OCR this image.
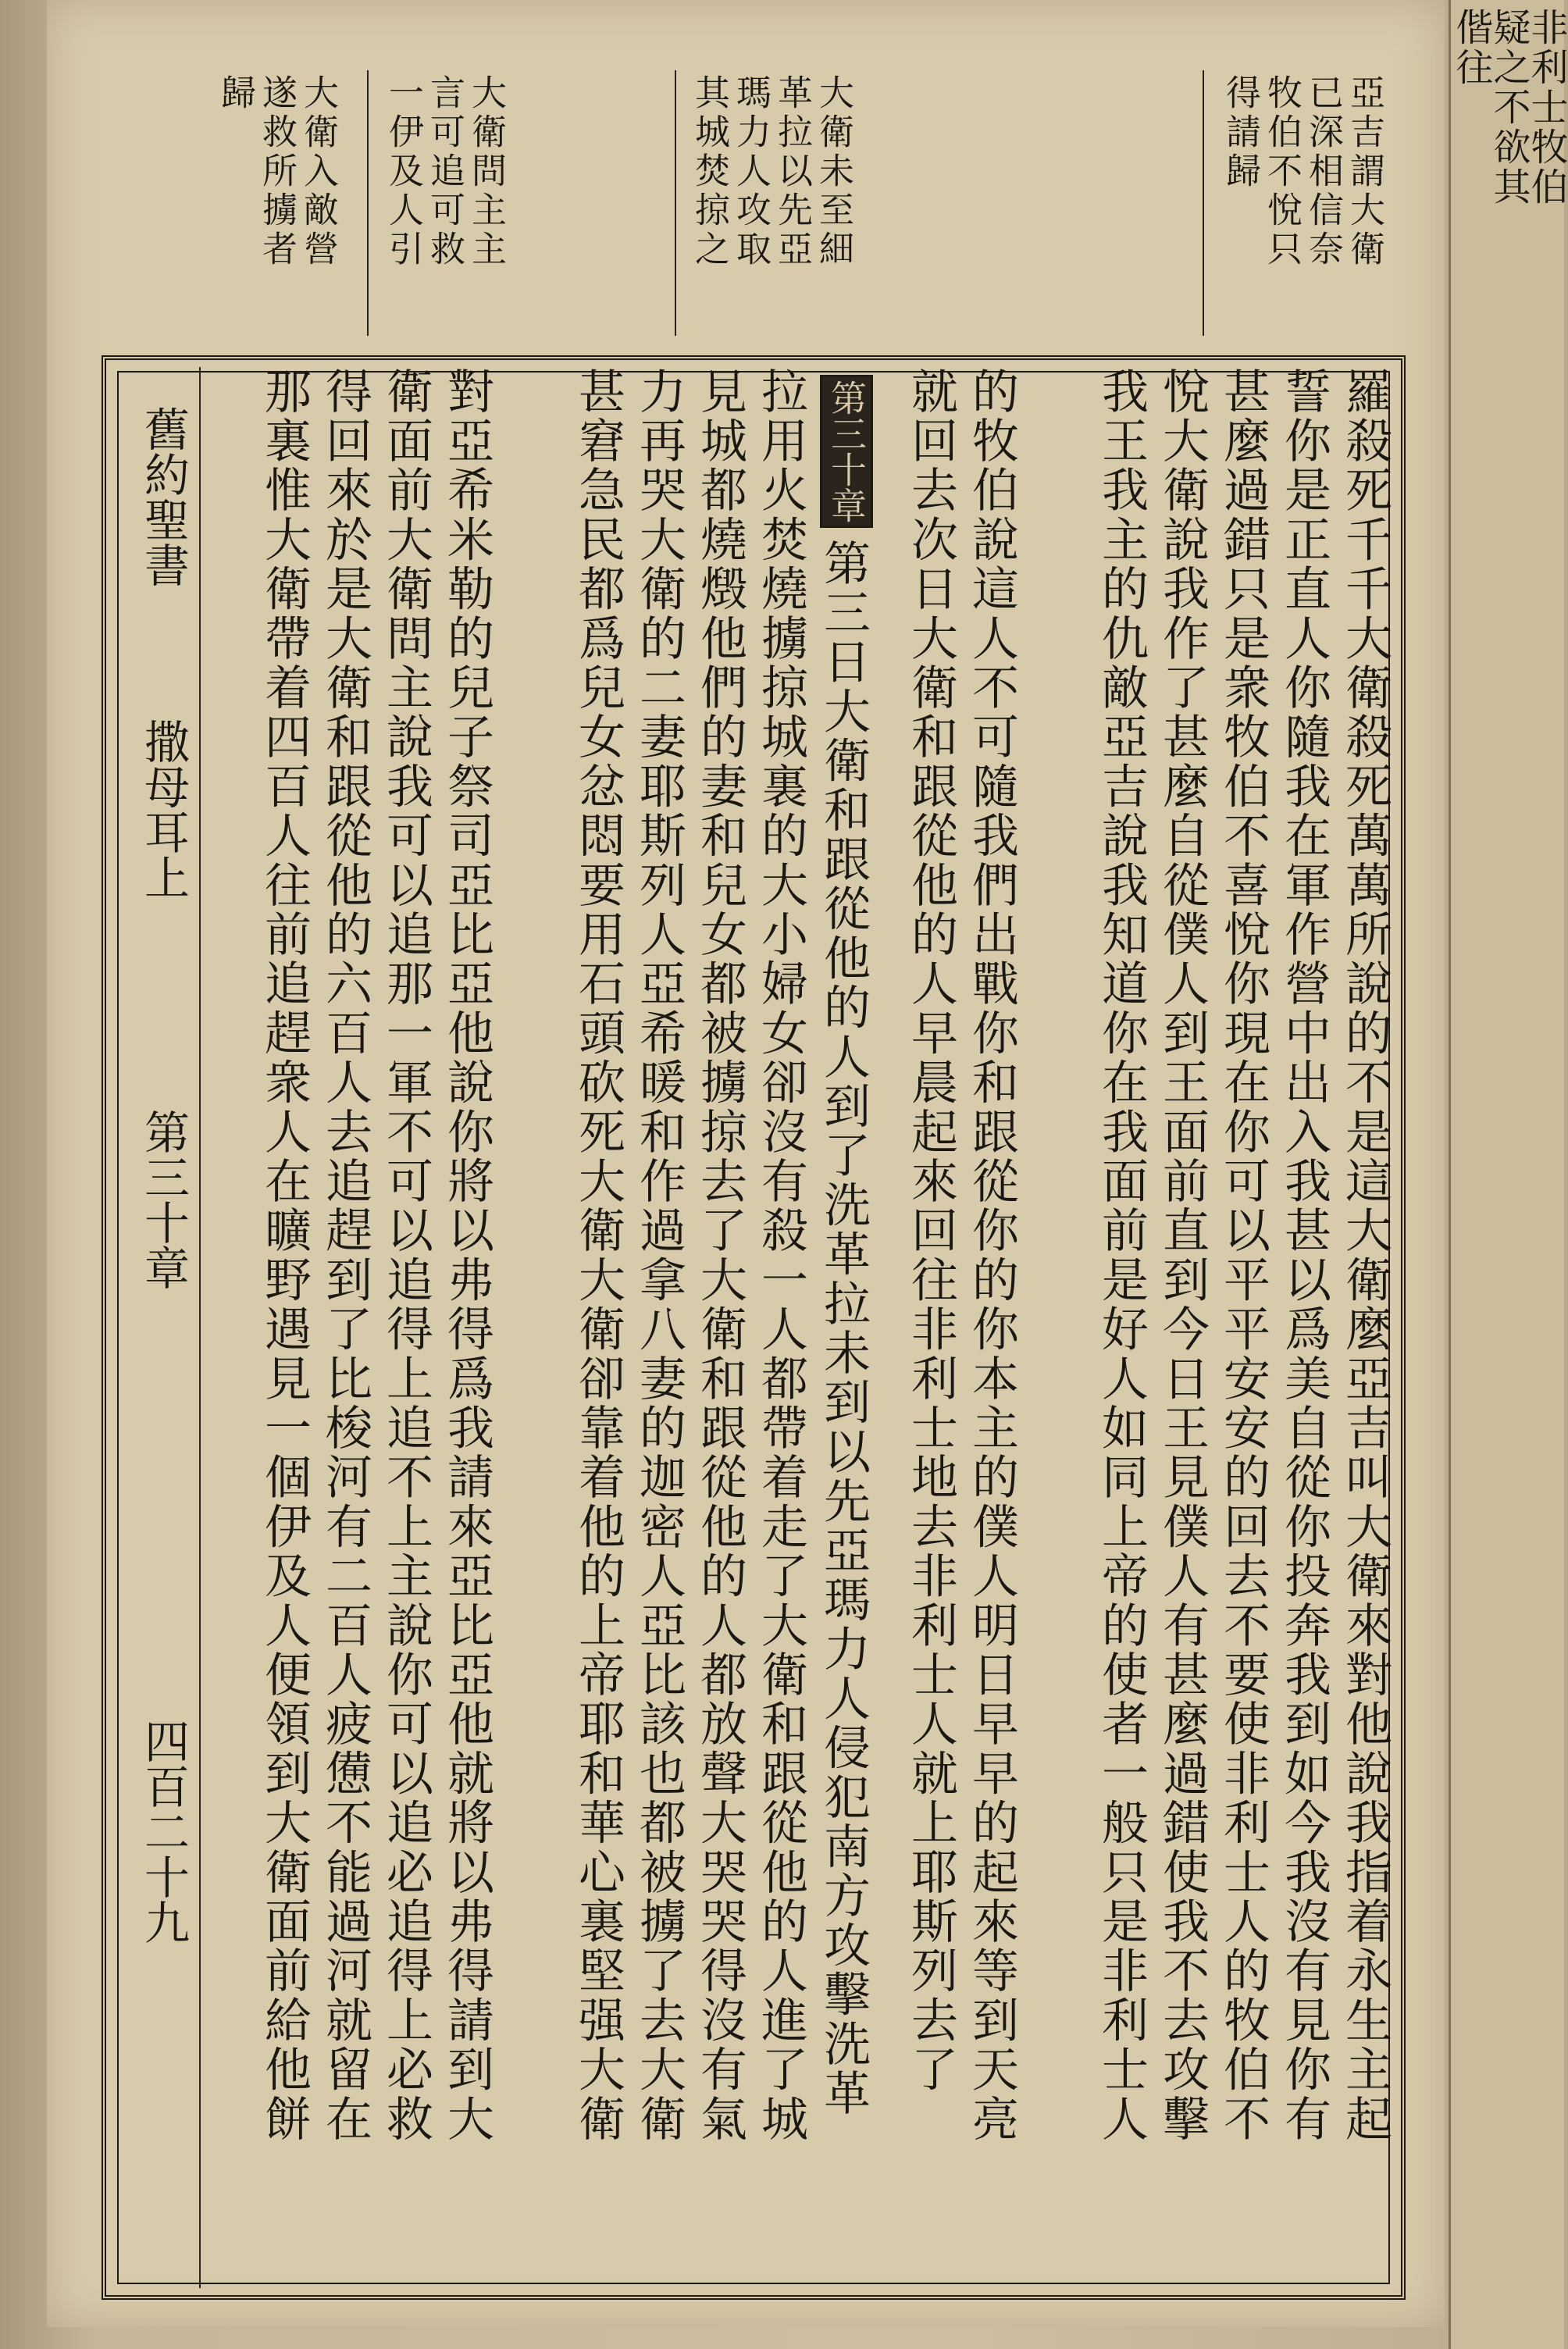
非利士牧伯
疑之不欲其
偕往
亞吉謂大衛
已深相信奈
牧伯不悅只
得請歸
大衛未至細
革拉以先亞
瑪力人攻取
其城焚掠之
大衛問主主
言可追可救
一伊及人引
大衛入敵營
遂救所擄者
歸
羅殺死千千大衛殺死萬萬所說的不是這大衛麼亞吉叫大衛來對他說我指着永生主起
誓你是正直人你隨我在軍作營中出入我甚以爲美自從你投奔我到如今我沒有見你有
甚麼過錯只是衆牧伯不喜悅你現在你可以平平安安的回去不要使非利士人的牧伯不
悅大衛說我作了甚麼自從僕人到王面前直到今日王見僕人有甚麼過錯使我不去攻擊
我王我主的仇敵亞吉說我知道你在我面前是好人如同上帝的使者一般只是非利士人
的牧伯說這人不可隨我們出戰你和跟從你的你本主的僕人明日早早的起來等到天亮
就回去次日大衛和跟從他的人早晨起來回往非利士地去非利士人就上耶斯列去了
第三十章
第三日大衛和跟從他的人到了洗革拉未到以先亞瑪力人侵犯南方攻擊洗革
拉用火焚燒擄掠城裏的大小婦女卻沒有殺一人都帶着走了大衛和跟從他的人進了城
見城都燒燬他們的妻和兒女都被擄掠去了大衛和跟從他的人都放聲大哭哭得沒有氣
力再哭大衛的二妻耶斯列人亞希暖和作過拿八妻的迦密人亞比該也都被擄了去大衛
甚窘急民都爲兒女忿悶要用石頭砍死大衛大衛卻靠着他的上帝耶和華心裏堅强大衛
對亞希米勒的兒子祭司亞比亞他說你將以弗得爲我請來亞比亞他就將以弗得請到大
衛面前大衛問主說我可以追那一軍不可以追得上追不上主說你可以追必追得上必救
得回來於是大衛和跟從他的六百人去追趕到了比梭河有二百人疲憊不能過河就留在
那裏惟大衛帶着四百人往前追趕衆人在曠野遇見一個伊及人便領到大衛面前給他餅
舊約聖書
撒母耳上
第三十章
四百二十九
